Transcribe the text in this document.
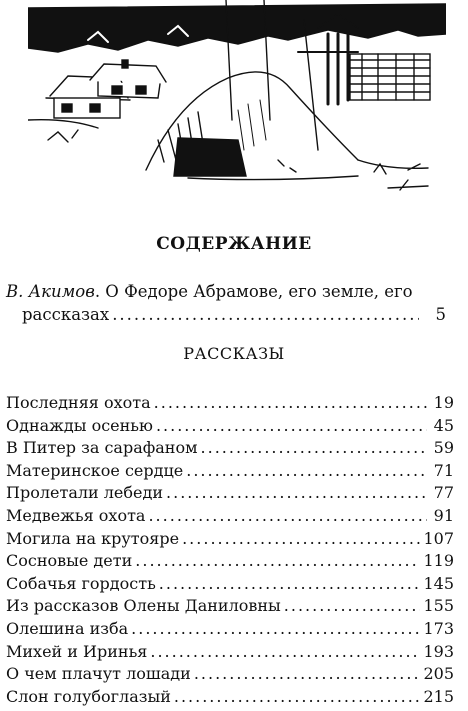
СОДЕРЖАНИЕ
В. Акимов. О Федоре Абрамове, его земле, его
рассказах .....	5
РАССКАЗЫ
Последняя охота .....	19
Однажды осенью .....	45
В Питер за сарафаном .....	59
Материнское сердце .....	71
Пролетали лебеди .....	77
Медвежья охота .....	91
Могила на крутояре .....	107
Сосновые дети .....	119
Собачья гордость .....	145
Из рассказов Олены Даниловны .....	155
Олешина изба .....	173
Михей и Иринья .....	193
О чем плачут лошади .....	205
Слон голубоглазый .....	215
